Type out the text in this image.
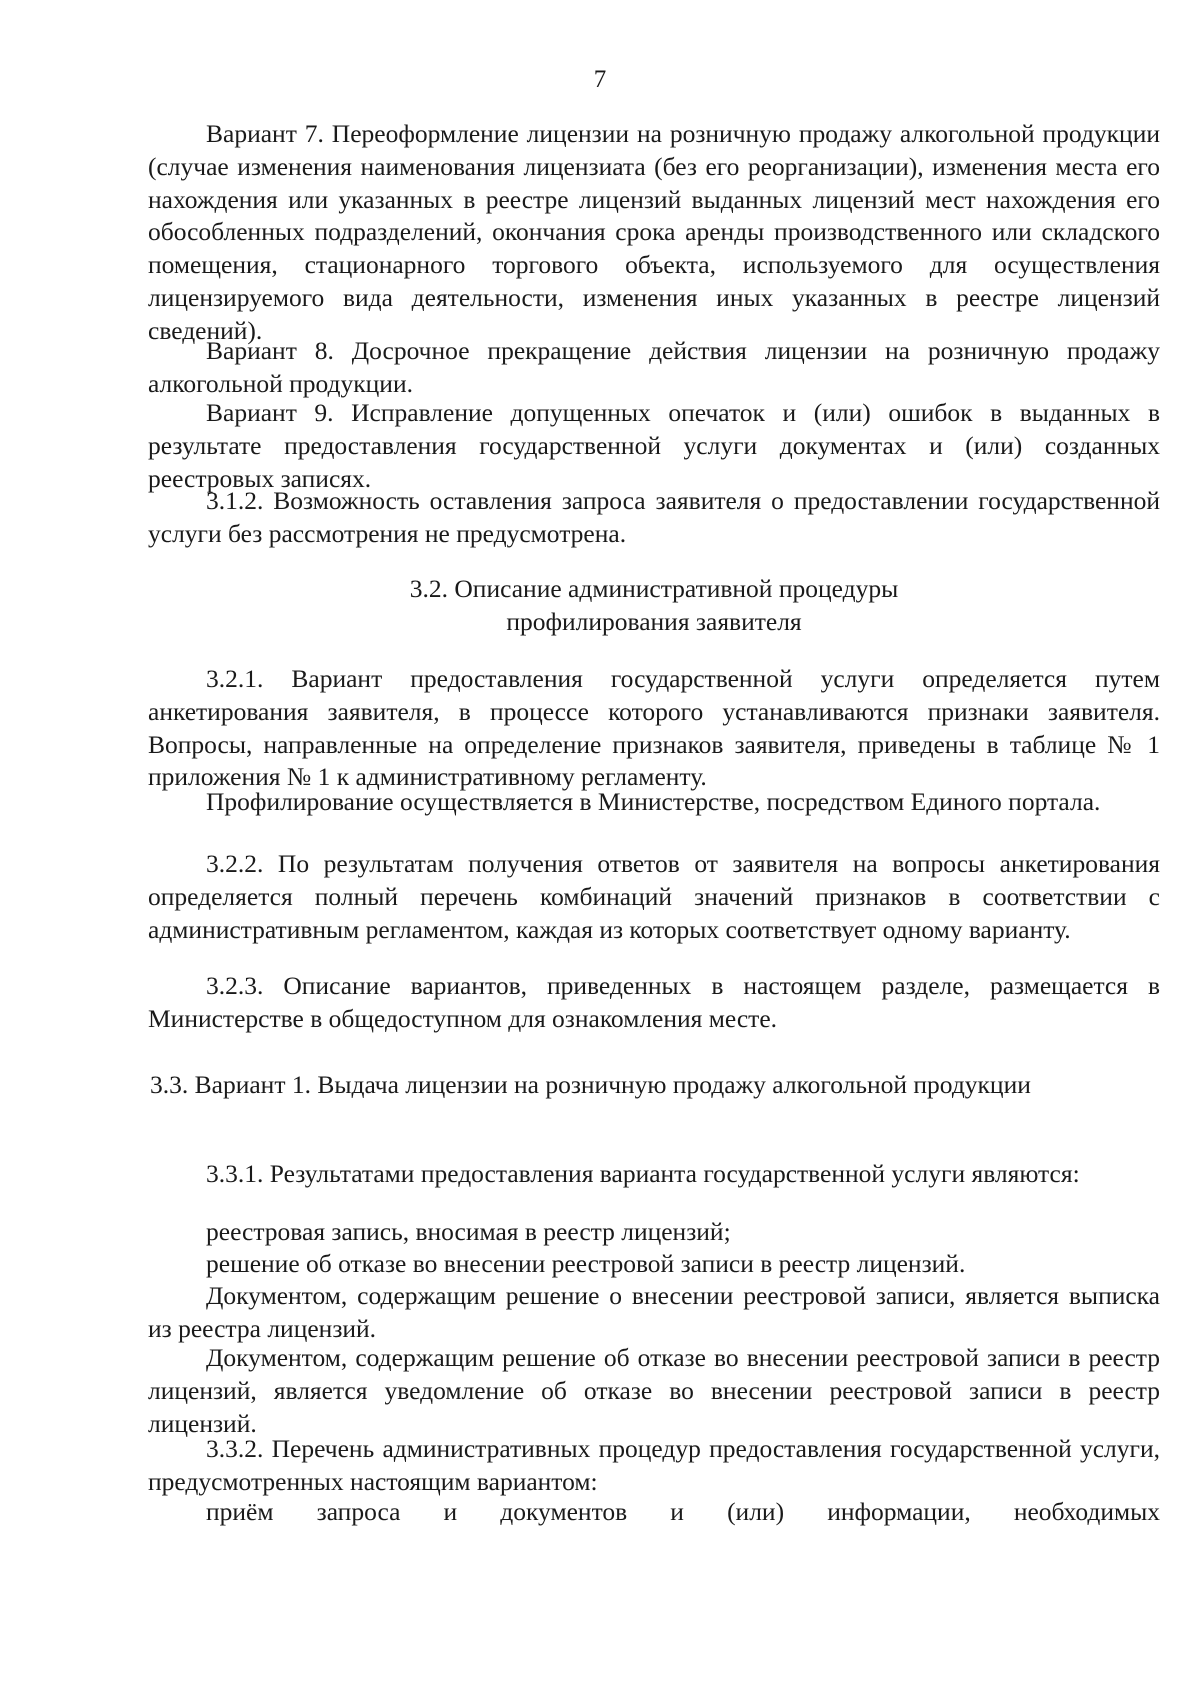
7

Вариант 7. Переоформление лицензии на розничную продажу алкогольной продукции (случае изменения наименования лицензиата (без его реорганизации), изменения места его нахождения или указанных в реестре лицензий выданных лицензий мест нахождения его обособленных подразделений, окончания срока аренды производственного или складского помещения, стационарного торгового объекта, используемого для осуществления лицензируемого вида деятельности, изменения иных указанных в реестре лицензий сведений).

Вариант 8. Досрочное прекращение действия лицензии на розничную продажу алкогольной продукции.

Вариант 9. Исправление допущенных опечаток и (или) ошибок в выданных в результате предоставления государственной услуги документах и (или) созданных реестровых записях.

3.1.2. Возможность оставления запроса заявителя о предоставлении государственной услуги без рассмотрения не предусмотрена.

3.2. Описание административной процедуры профилирования заявителя

3.2.1. Вариант предоставления государственной услуги определяется путем анкетирования заявителя, в процессе которого устанавливаются признаки заявителя. Вопросы, направленные на определение признаков заявителя, приведены в таблице № 1 приложения № 1 к административному регламенту.

Профилирование осуществляется в Министерстве, посредством Единого портала.

3.2.2. По результатам получения ответов от заявителя на вопросы анкетирования определяется полный перечень комбинаций значений признаков в соответствии с административным регламентом, каждая из которых соответствует одному варианту.

3.2.3. Описание вариантов, приведенных в настоящем разделе, размещается в Министерстве в общедоступном для ознакомления месте.

3.3. Вариант 1. Выдача лицензии на розничную продажу алкогольной продукции

3.3.1. Результатами предоставления варианта государственной услуги являются:

реестровая запись, вносимая в реестр лицензий;

решение об отказе во внесении реестровой записи в реестр лицензий.

Документом, содержащим решение о внесении реестровой записи, является выписка из реестра лицензий.

Документом, содержащим решение об отказе во внесении реестровой записи в реестр лицензий, является уведомление об отказе во внесении реестровой записи в реестр лицензий.

3.3.2. Перечень административных процедур предоставления государственной услуги, предусмотренных настоящим вариантом:

приём запроса и документов и (или) информации, необходимых
